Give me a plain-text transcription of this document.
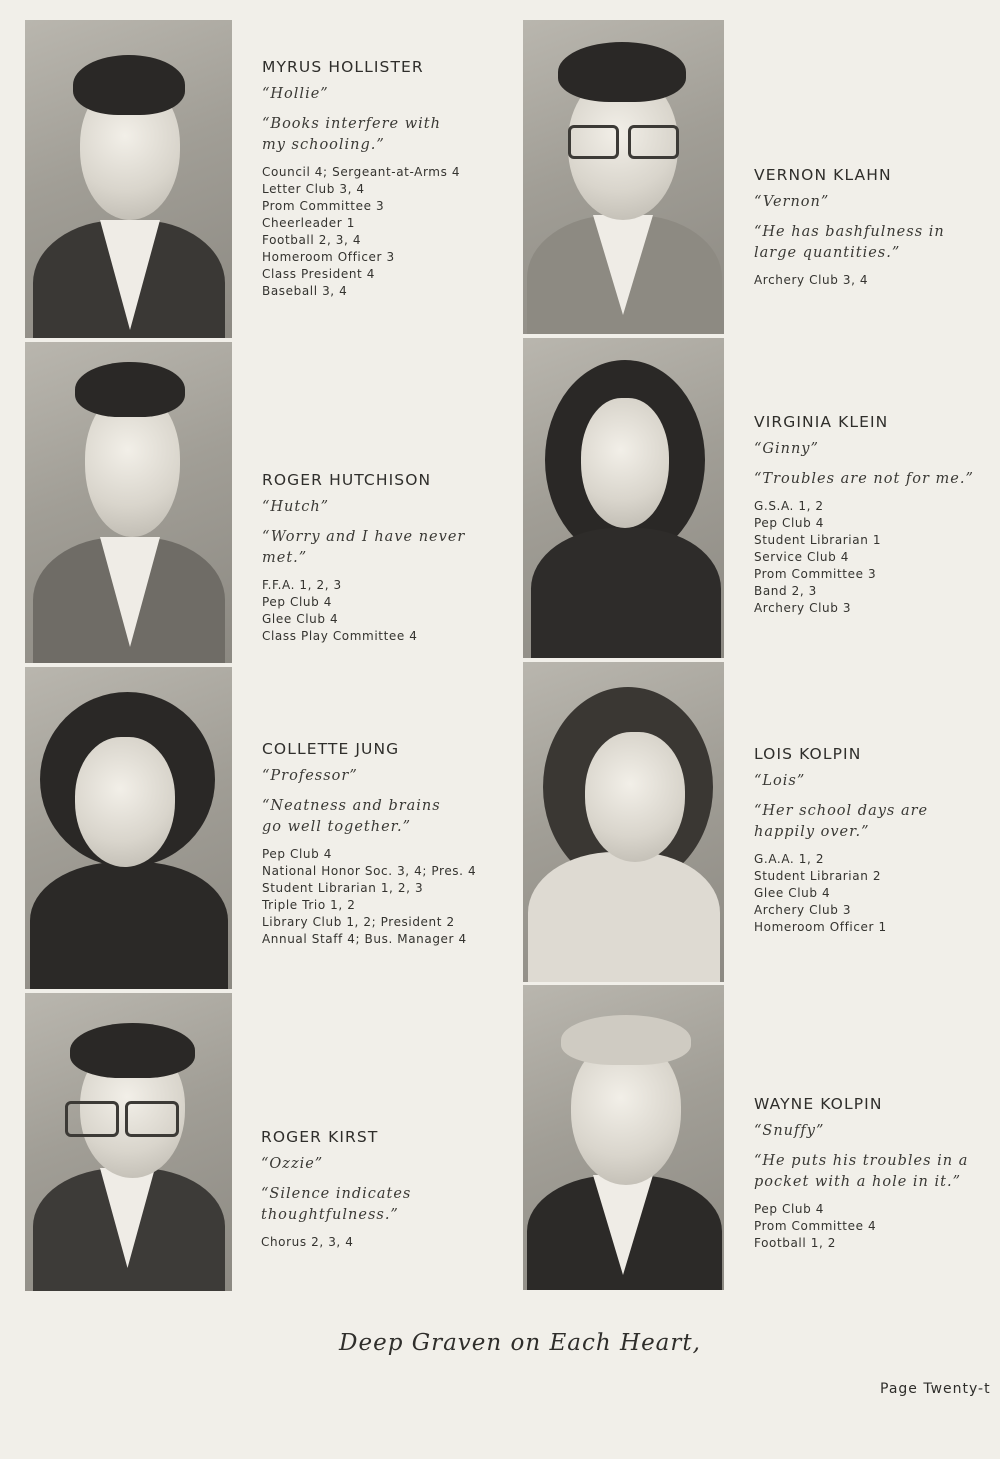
MYRUS HOLLISTER
“Hollie”
“Books interfere with
my schooling.”
Council 4; Sergeant-at-Arms 4
Letter Club 3, 4
Prom Committee 3
Cheerleader 1
Football 2, 3, 4
Homeroom Officer 3
Class President 4
Baseball 3, 4
VERNON KLAHN
“Vernon”
“He has bashfulness in
large quantities.”
Archery Club 3, 4
ROGER HUTCHISON
“Hutch”
“Worry and I have never met.”
F.F.A. 1, 2, 3
Pep Club 4
Glee Club 4
Class Play Committee 4
VIRGINIA KLEIN
“Ginny”
“Troubles are not for me.”
G.S.A. 1, 2
Pep Club 4
Student Librarian 1
Service Club 4
Prom Committee 3
Band 2, 3
Archery Club 3
COLLETTE JUNG
“Professor”
“Neatness and brains
go well together.”
Pep Club 4
National Honor Soc. 3, 4; Pres. 4
Student Librarian 1, 2, 3
Triple Trio 1, 2
Library Club 1, 2; President 2
Annual Staff 4; Bus. Manager 4
LOIS KOLPIN
“Lois”
“Her school days are
happily over.”
G.A.A. 1, 2
Student Librarian 2
Glee Club 4
Archery Club 3
Homeroom Officer 1
ROGER KIRST
“Ozzie”
“Silence indicates
thoughtfulness.”
Chorus 2, 3, 4
WAYNE KOLPIN
“Snuffy”
“He puts his troubles in a
pocket with a hole in it.”
Pep Club 4
Prom Committee 4
Football 1, 2
Deep Graven on Each Heart,
Page Twenty-t
